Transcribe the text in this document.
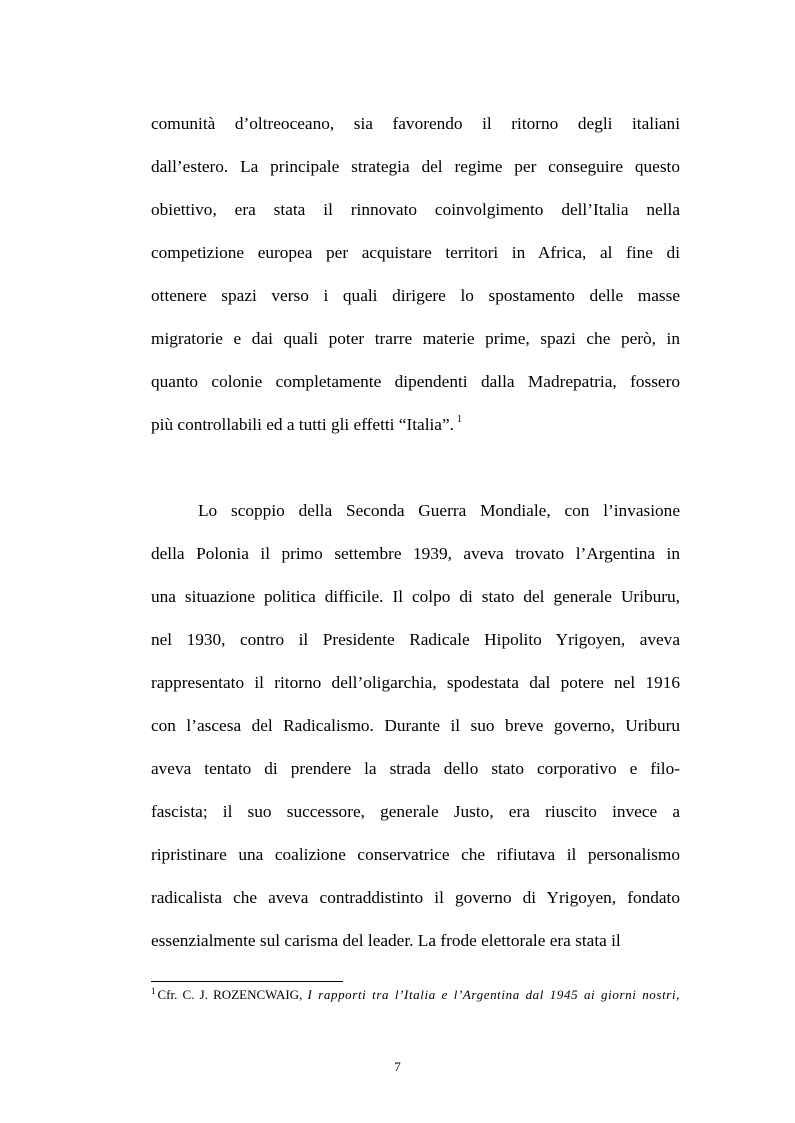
comunità d’oltreoceano, sia favorendo il ritorno degli italiani
dall’estero. La principale strategia del regime per conseguire questo
obiettivo, era stata il rinnovato coinvolgimento dell’Italia nella
competizione europea per acquistare territori in Africa, al fine di
ottenere spazi verso i quali dirigere lo spostamento delle masse
migratorie e dai quali poter trarre materie prime, spazi che però, in
quanto colonie completamente dipendenti dalla Madrepatria, fossero
più controllabili ed a tutti gli effetti “Italia”. $^1$
Lo scoppio della Seconda Guerra Mondiale, con l’invasione
della Polonia il primo settembre 1939, aveva trovato l’Argentina in
una situazione politica difficile. Il colpo di stato del generale Uriburu,
nel 1930, contro il Presidente Radicale Hipolito Yrigoyen, aveva
rappresentato il ritorno dell’oligarchia, spodestata dal potere nel 1916
con l’ascesa del Radicalismo. Durante il suo breve governo, Uriburu
aveva tentato di prendere la strada dello stato corporativo e filo-
fascista; il suo successore, generale Justo, era riuscito invece a
ripristinare una coalizione conservatrice che rifiutava il personalismo
radicalista che aveva contraddistinto il governo di Yrigoyen, fondato
essenzialmente sul carisma del leader. La frode elettorale era stata il
$^1$ Cfr. C. J. ROZENCWAIG, I rapporti tra l’Italia e l’Argentina dal 1945 ai giorni nostri,
7
